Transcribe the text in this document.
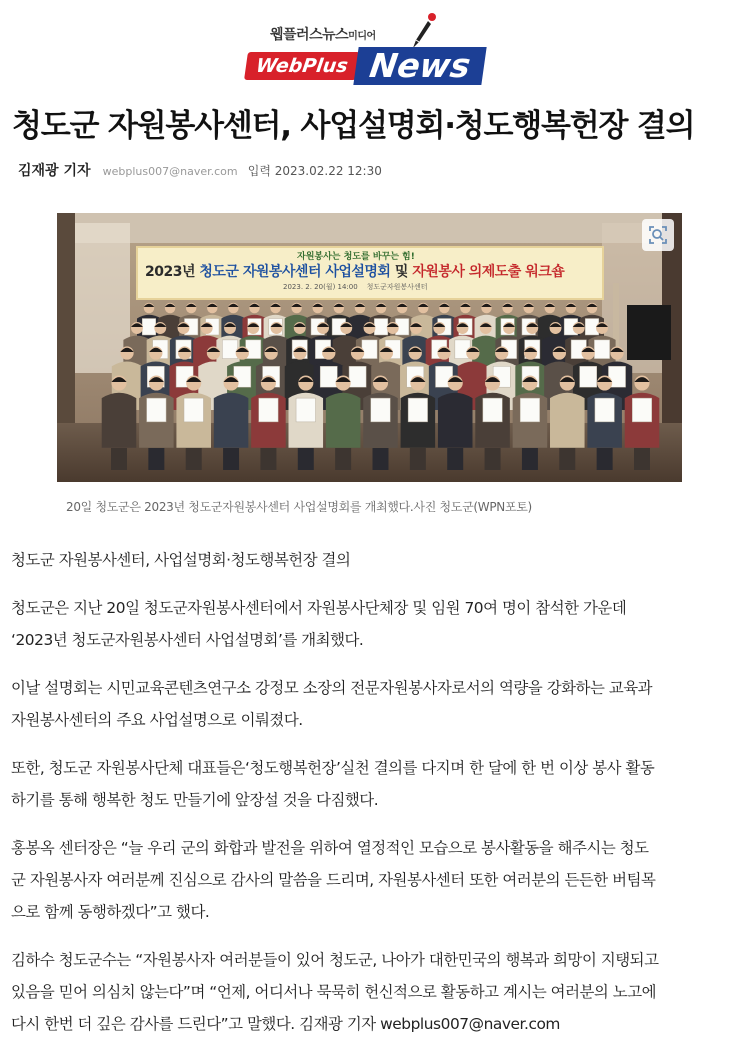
웹플러스뉴스미디어
WebPlus News
청도군 자원봉사센터, 사업설명회·청도행복헌장 결의
김재광 기자 webplus007@naver.com 입력 2023.02.22 12:30
자원봉사는 청도를 바꾸는 힘!
2023년 청도군 자원봉사센터 사업설명회 및 자원봉사 의제도출 워크숍
2023. 2. 20(월) 14:00    청도군자원봉사센터
20일 청도군은 2023년 청도군자원봉사센터 사업설명회를 개최했다.사진 청도군(WPN포토)
청도군 자원봉사센터, 사업설명회·청도행복헌장 결의
청도군은 지난 20일 청도군자원봉사센터에서 자원봉사단체장 및 임원 70여 명이 참석한 가운데
‘2023년 청도군자원봉사센터 사업설명회’를 개최했다.
이날 설명회는 시민교육콘텐츠연구소 강정모 소장의 전문자원봉사자로서의 역량을 강화하는 교육과
자원봉사센터의 주요 사업설명으로 이뤄졌다.
또한, 청도군 자원봉사단체 대표들은‘청도행복헌장’실천 결의를 다지며 한 달에 한 번 이상 봉사 활동
하기를 통해 행복한 청도 만들기에 앞장설 것을 다짐했다.
홍봉옥 센터장은 “늘 우리 군의 화합과 발전을 위하여 열정적인 모습으로 봉사활동을 해주시는 청도
군 자원봉사자 여러분께 진심으로 감사의 말씀을 드리며, 자원봉사센터 또한 여러분의 든든한 버팀목
으로 함께 동행하겠다”고 했다.
김하수 청도군수는 “자원봉사자 여러분들이 있어 청도군, 나아가 대한민국의 행복과 희망이 지탱되고
있음을 믿어 의심치 않는다”며 “언제, 어디서나 묵묵히 헌신적으로 활동하고 계시는 여러분의 노고에
다시 한번 더 깊은 감사를 드린다”고 말했다. 김재광 기자 webplus007@naver.com
